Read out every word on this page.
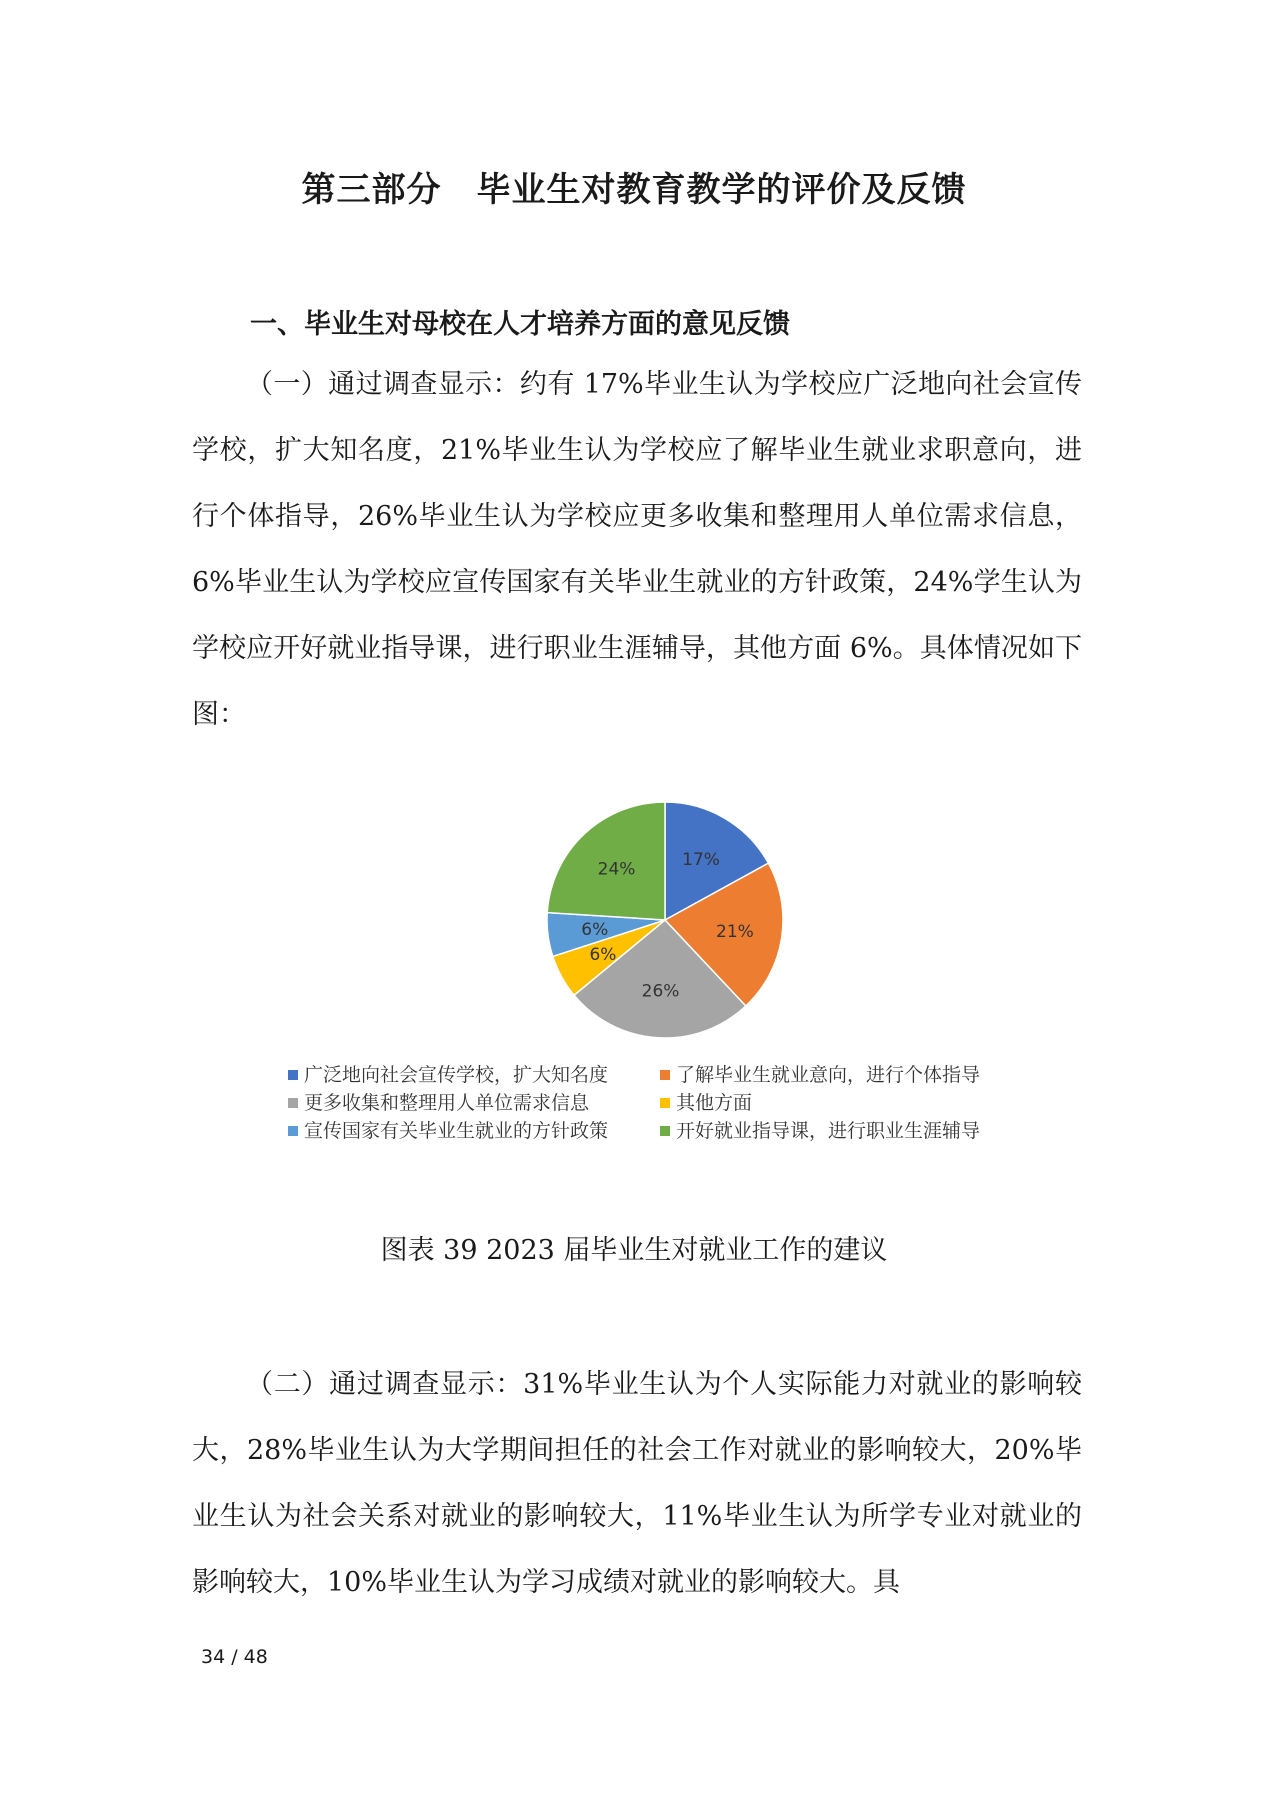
第三部分　毕业生对教育教学的评价及反馈
一、毕业生对母校在人才培养方面的意见反馈

（一）通过调查显示：约有 17%毕业生认为学校应广泛地向社会宣传学校，扩大知名度，21%毕业生认为学校应了解毕业生就业求职意向，进行个体指导，26%毕业生认为学校应更多收集和整理用人单位需求信息，6%毕业生认为学校应宣传国家有关毕业生就业的方针政策，24%学生认为学校应开好就业指导课，进行职业生涯辅导，其他方面 6%。具体情况如下图：

17%
21%
26%
6%
6%
24%
广泛地向社会宣传学校，扩大知名度	了解毕业生就业意向，进行个体指导
更多收集和整理用人单位需求信息	其他方面
宣传国家有关毕业生就业的方针政策	开好就业指导课，进行职业生涯辅导
图表 39 2023 届毕业生对就业工作的建议

（二）通过调查显示：31%毕业生认为个人实际能力对就业的影响较大，28%毕业生认为大学期间担任的社会工作对就业的影响较大，20%毕业生认为社会关系对就业的影响较大，11%毕业生认为所学专业对就业的影响较大，10%毕业生认为学习成绩对就业的影响较大。具

34 / 48
